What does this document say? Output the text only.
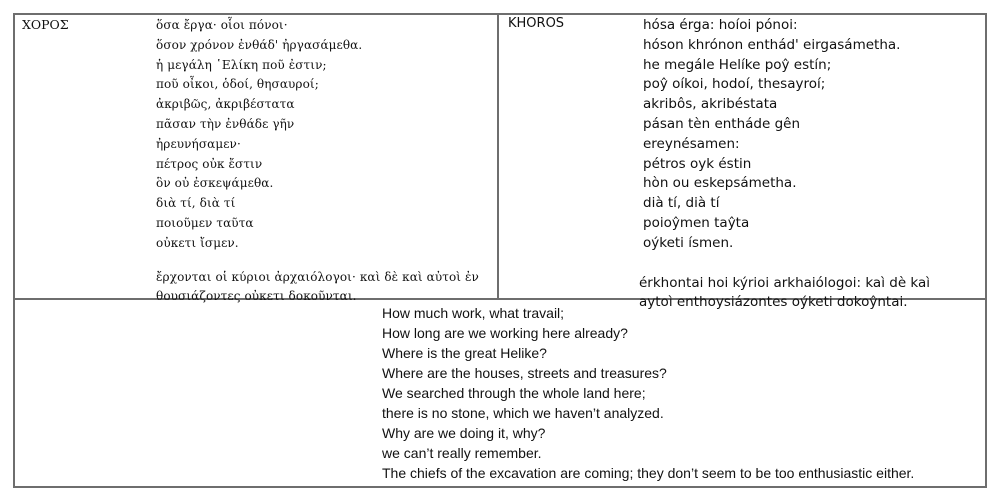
ΧΟΡΟΣ	ὅσα ἔργα· οἷοι πόνοι·
ὅσον χρόνον ἐνθάδ' ἠργασάμεθα.
ἡ μεγάλη ῾Ελίκη ποῦ ἐστιν;
ποῦ οἶκοι, ὁδοί, θησαυροί;
ἀκριβῶς, ἀκριβέστατα
πᾶσαν τὴν ἐνθάδε γῆν
ἠρευνήσαμεν·
πέτρος οὐκ ἔστιν
ὃν οὐ ἐσκεψάμεθα.
διὰ τί, διὰ τί
ποιοῦμεν ταῦτα
οὐκετι ἴσμεν.
ἔρχονται οἱ κύριοι ἀρχαιόλογοι· καὶ δὲ καὶ αὐτοὶ ἐν
θουσιάζοντες οὐκετι δοκοῦνται.
KHOROS	hósa érga: hoíoi pónoi:
hóson khrónon enthád' eirgasámetha.
he megále Helíke poŷ estín;
poŷ oíkoi, hodoí, thesayroí;
akribôs, akribéstata
pásan tèn entháde gên
ereynésamen:
pétros oyk éstin
hòn ou eskepsámetha.
dià tí, dià tí
poioŷmen taŷta
oýketi ísmen.
érkhontai hoi kýrioi arkhaiólogoi: kaì dè kaì
aytoì enthoysiázontes oýketi dokoŷntai.
How much work, what travail;
How long are we working here already?
Where is the great Helike?
Where are the houses, streets and treasures?
We searched through the whole land here;
there is no stone, which we haven’t analyzed.
Why are we doing it, why?
we can’t really remember.
The chiefs of the excavation are coming; they don’t seem to be too enthusiastic either.
